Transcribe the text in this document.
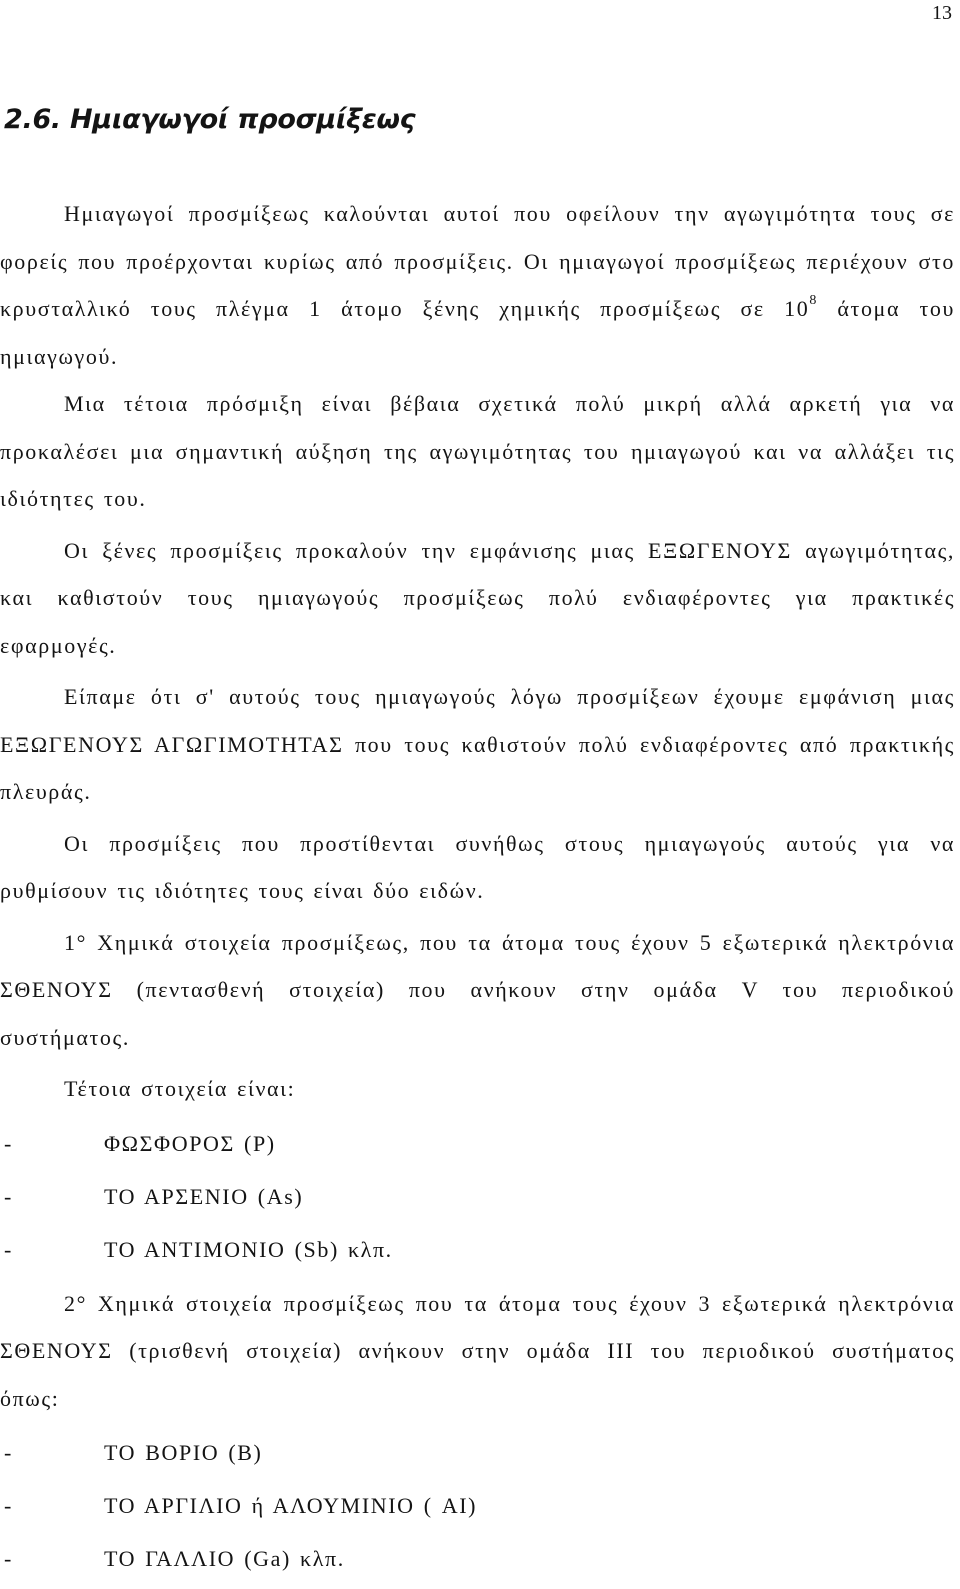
13
2.6. Ημιαγωγοί προσμίξεως

Ημιαγωγοί προσμίξεως καλούνται αυτοί που οφείλουν την αγωγιμότητα τους σε φορείς που προέρχονται κυρίως από προσμίξεις. Οι ημιαγωγοί προσμίξεως περιέχουν στο κρυσταλλικό τους πλέγμα 1 άτομο ξένης χημικής προσμίξεως σε $10^8$ άτομα του ημιαγωγού.

Μια τέτοια πρόσμιξη είναι βέβαια σχετικά πολύ μικρή αλλά αρκετή για να προκαλέσει μια σημαντική αύξηση της αγωγιμότητας του ημιαγωγού και να αλλάξει τις ιδιότητες του.

Οι ξένες προσμίξεις προκαλούν την εμφάνισης μιας ΕΞΩΓΕΝΟΥΣ αγωγιμότητας, και καθιστούν τους ημιαγωγούς προσμίξεως πολύ ενδιαφέροντες για πρακτικές εφαρμογές.

Είπαμε ότι σ' αυτούς τους ημιαγωγούς λόγω προσμίξεων έχουμε εμφάνιση μιας ΕΞΩΓΕΝΟΥΣ ΑΓΩΓΙΜΟΤΗΤΑΣ που τους καθιστούν πολύ ενδιαφέροντες από πρακτικής πλευράς.

Οι προσμίξεις που προστίθενται συνήθως στους ημιαγωγούς αυτούς για να ρυθμίσουν τις ιδιότητες τους είναι δύο ειδών.

1° Χημικά στοιχεία προσμίξεως, που τα άτομα τους έχουν 5 εξωτερικά ηλεκτρόνια ΣΘΕΝΟΥΣ (πεντασθενή στοιχεία) που ανήκουν στην ομάδα V του περιοδικού συστήματος.

Τέτοια στοιχεία είναι:

-	ΦΩΣΦΟΡΟΣ (P)
-	ΤΟ ΑΡΣΕΝΙΟ (As)
-	ΤΟ ΑΝΤΙΜΟΝΙΟ (Sb) κλπ.

2° Χημικά στοιχεία προσμίξεως που τα άτομα τους έχουν 3 εξωτερικά ηλεκτρόνια ΣΘΕΝΟΥΣ (τρισθενή στοιχεία) ανήκουν στην ομάδα III του περιοδικού συστήματος όπως:

-	ΤΟ ΒΟΡΙΟ (B)
-	ΤΟ ΑΡΓΙΛΙΟ ή ΑΛΟΥΜΙΝΙΟ ( AI)
-	ΤΟ ΓΑΛΛΙΟ (Ga) κλπ.
